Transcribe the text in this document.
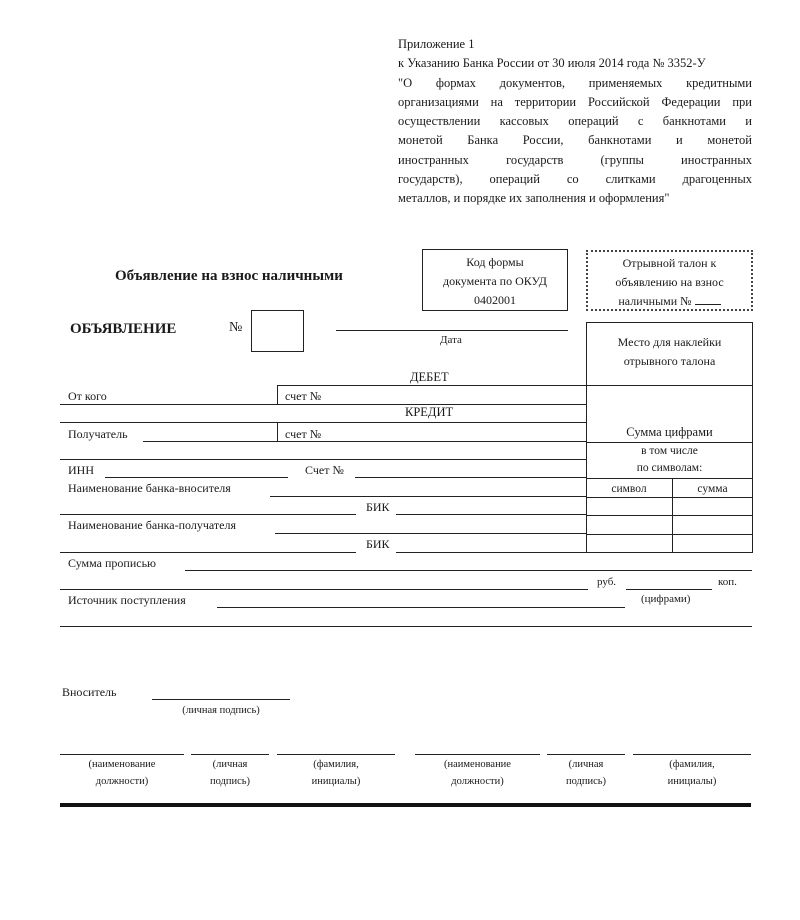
Приложение 1
к Указанию Банка России от 30 июля 2014 года № 3352-У
"О формах документов, применяемых кредитными
организациями на территории Российской Федерации при
осуществлении кассовых операций с банкнотами и
монетой Банка России, банкнотами и монетой
иностранных государств (группы иностранных
государств), операций со слитками драгоценных
металлов, и порядке их заполнения и оформления"
Объявление на взнос наличными
Код формы
документа по ОКУД
0402001
Отрывной талон к
объявлению на взнос
наличными №
ОБЪЯВЛЕНИЕ	№
Дата	Место для наклейки
отрывного талона
Сумма цифрами
в том числе
по символам:
символ	сумма
ДЕБЕТ
От кого	счет №
КРЕДИТ
Получатель	счет №
ИНН	Счет №
Наименование банка-вносителя
БИК
Наименование банка-получателя
БИК
Сумма прописью
руб.	коп.
Источник поступления	(цифрами)
Вноситель
(личная подпись)
(наименование
должности)
(личная
подпись)
(фамилия,
инициалы)
(наименование
должности)
(личная
подпись)
(фамилия,
инициалы)
